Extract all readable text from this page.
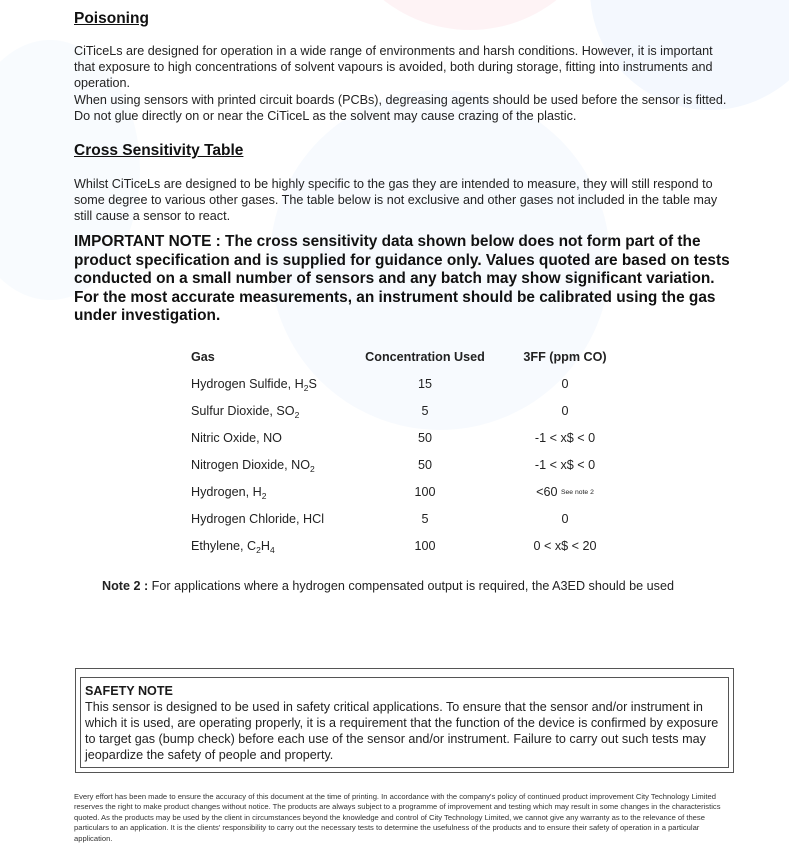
Poisoning

CiTiceLs are designed for operation in a wide range of environments and harsh conditions. However, it is important that exposure to high concentrations of solvent vapours is avoided, both during storage, fitting into instruments and operation.

When using sensors with printed circuit boards (PCBs), degreasing agents should be used before the sensor is fitted. Do not glue directly on or near the CiTiceL as the solvent may cause crazing of the plastic.

Cross Sensitivity Table

Whilst CiTiceLs are designed to be highly specific to the gas they are intended to measure, they will still respond to some degree to various other gases. The table below is not exclusive and other gases not included in the table may still cause a sensor to react.

IMPORTANT NOTE : The cross sensitivity data shown below does not form part of the product specification and is supplied for guidance only. Values quoted are based on tests conducted on a small number of sensors and any batch may show significant variation. For the most accurate measurements, an instrument should be calibrated using the gas under investigation.

Gas	Concentration Used	3FF (ppm CO)
Hydrogen Sulfide, $H_2S$	15	0
Sulfur Dioxide, $SO_2$	5	0
Nitric Oxide, NO	50	-1 < x$ < 0
Nitrogen Dioxide, $NO_2$	50	-1 < x$ < 0
Hydrogen, $H_2$	100	<60 See note 2
Hydrogen Chloride, HCl	5	0
Ethylene, $C_2H_4$	100	0 < x$ < 20
Note 2 : For applications where a hydrogen compensated output is required, the A3ED should be used

SAFETY NOTE

This sensor is designed to be used in safety critical applications. To ensure that the sensor and/or instrument in which it is used, are operating properly, it is a requirement that the function of the device is confirmed by exposure to target gas (bump check) before each use of the sensor and/or instrument. Failure to carry out such tests may jeopardize the safety of people and property.

Every effort has been made to ensure the accuracy of this document at the time of printing. In accordance with the company's policy of continued product improvement City Technology Limited reserves the right to make product changes without notice. The products are always subject to a programme of improvement and testing which may result in some changes in the characteristics quoted. As the products may be used by the client in circumstances beyond the knowledge and control of City Technology Limited, we cannot give any warranty as to the relevance of these particulars to an application. It is the clients' responsibility to carry out the necessary tests to determine the usefulness of the products and to ensure their safety of operation in a particular application.
